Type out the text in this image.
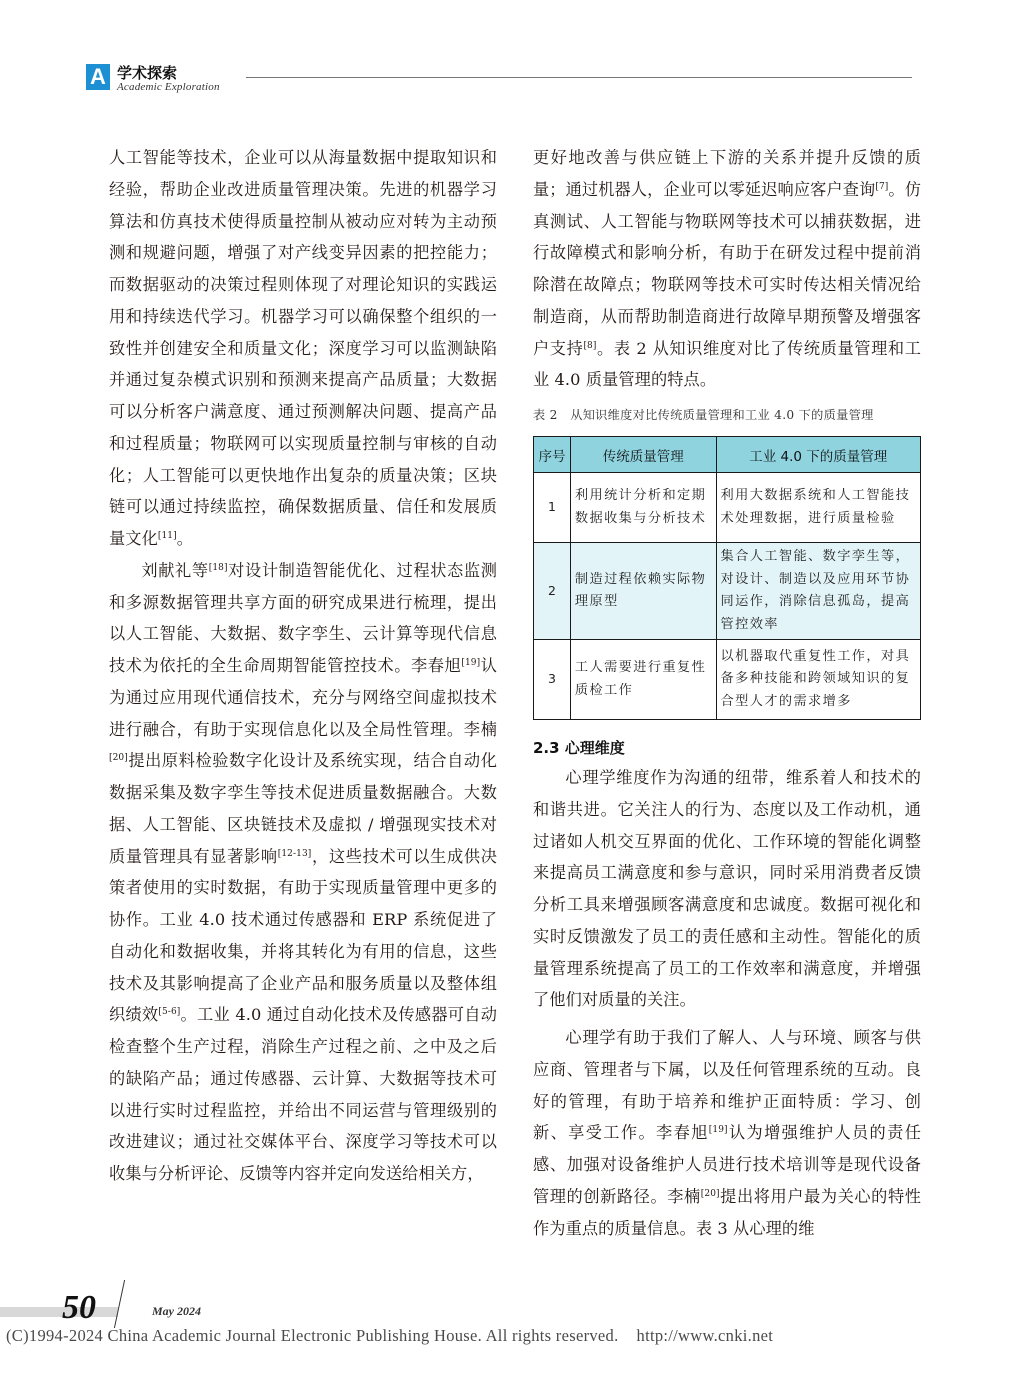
A 学术探索
Academic Exploration

人工智能等技术，企业可以从海量数据中提取知识和经验，帮助企业改进质量管理决策。先进的机器学习算法和仿真技术使得质量控制从被动应对转为主动预测和规避问题，增强了对产线变异因素的把控能力；而数据驱动的决策过程则体现了对理论知识的实践运用和持续迭代学习。机器学习可以确保整个组织的一致性并创建安全和质量文化；深度学习可以监测缺陷并通过复杂模式识别和预测来提高产品质量；大数据可以分析客户满意度、通过预测解决问题、提高产品和过程质量；物联网可以实现质量控制与审核的自动化；人工智能可以更快地作出复杂的质量决策；区块链可以通过持续监控，确保数据质量、信任和发展质量文化[11]。

刘献礼等[18]对设计制造智能优化、过程状态监测和多源数据管理共享方面的研究成果进行梳理，提出以人工智能、大数据、数字孪生、云计算等现代信息技术为依托的全生命周期智能管控技术。李春旭[19]认为通过应用现代通信技术，充分与网络空间虚拟技术进行融合，有助于实现信息化以及全局性管理。李楠[20]提出原料检验数字化设计及系统实现，结合自动化数据采集及数字孪生等技术促进质量数据融合。大数据、人工智能、区块链技术及虚拟 / 增强现实技术对质量管理具有显著影响[12-13]，这些技术可以生成供决策者使用的实时数据，有助于实现质量管理中更多的协作。工业 4.0 技术通过传感器和 ERP 系统促进了自动化和数据收集，并将其转化为有用的信息，这些技术及其影响提高了企业产品和服务质量以及整体组织绩效[5-6]。工业 4.0 通过自动化技术及传感器可自动检查整个生产过程，消除生产过程之前、之中及之后的缺陷产品；通过传感器、云计算、大数据等技术可以进行实时过程监控，并给出不同运营与管理级别的改进建议；通过社交媒体平台、深度学习等技术可以收集与分析评论、反馈等内容并定向发送给相关方，

更好地改善与供应链上下游的关系并提升反馈的质量；通过机器人，企业可以零延迟响应客户查询[7]。仿真测试、人工智能与物联网等技术可以捕获数据，进行故障模式和影响分析，有助于在研发过程中提前消除潜在故障点；物联网等技术可实时传达相关情况给制造商，从而帮助制造商进行故障早期预警及增强客户支持[8]。表 2 从知识维度对比了传统质量管理和工业 4.0 质量管理的特点。

表 2　从知识维度对比传统质量管理和工业 4.0 下的质量管理
序号	传统质量管理	工业 4.0 下的质量管理
1	利用统计分析和定期数据收集与分析技术	利用大数据系统和人工智能技术处理数据，进行质量检验
2	制造过程依赖实际物理原型	集合人工智能、数字孪生等，对设计、制造以及应用环节协同运作，消除信息孤岛，提高管控效率
3	工人需要进行重复性质检工作	以机器取代重复性工作，对具备多种技能和跨领域知识的复合型人才的需求增多
2.3 心理维度

心理学维度作为沟通的纽带，维系着人和技术的和谐共进。它关注人的行为、态度以及工作动机，通过诸如人机交互界面的优化、工作环境的智能化调整来提高员工满意度和参与意识，同时采用消费者反馈分析工具来增强顾客满意度和忠诚度。数据可视化和实时反馈激发了员工的责任感和主动性。智能化的质量管理系统提高了员工的工作效率和满意度，并增强了他们对质量的关注。

心理学有助于我们了解人、人与环境、顾客与供应商、管理者与下属，以及任何管理系统的互动。良好的管理，有助于培养和维护正面特质：学习、创新、享受工作。李春旭[19]认为增强维护人员的责任感、加强对设备维护人员进行技术培训等是现代设备管理的创新路径。李楠[20]提出将用户最为关心的特性作为重点的质量信息。表 3 从心理的维

50	May 2024
(C)1994-2024 China Academic Journal Electronic Publishing House. All rights reserved. http://www.cnki.net
